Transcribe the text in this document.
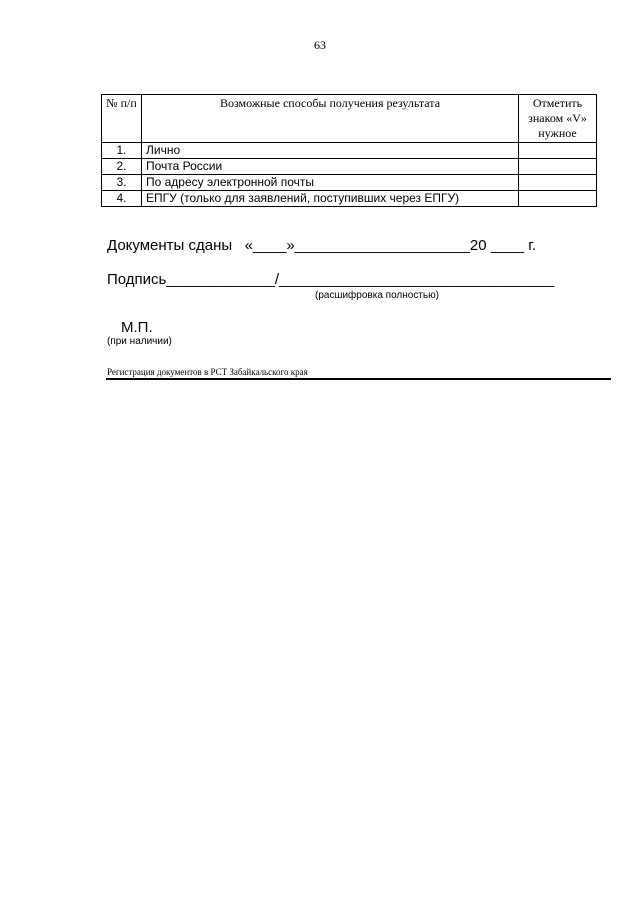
63
№ п/п	Возможные способы получения результата	Отметить знаком «V» нужное
1.	Лично	
2.	Почта России	
3.	По адресу электронной почты	
4.	ЕПГУ (только для заявлений, поступивших через ЕПГУ)	
Документы сданы   «____»_____________________20 ____ г.
Подпись_____________/_________________________________
(расшифровка полностью)
М.П.
(при наличии)
Регистрация документов в РСТ Забайкальского края
